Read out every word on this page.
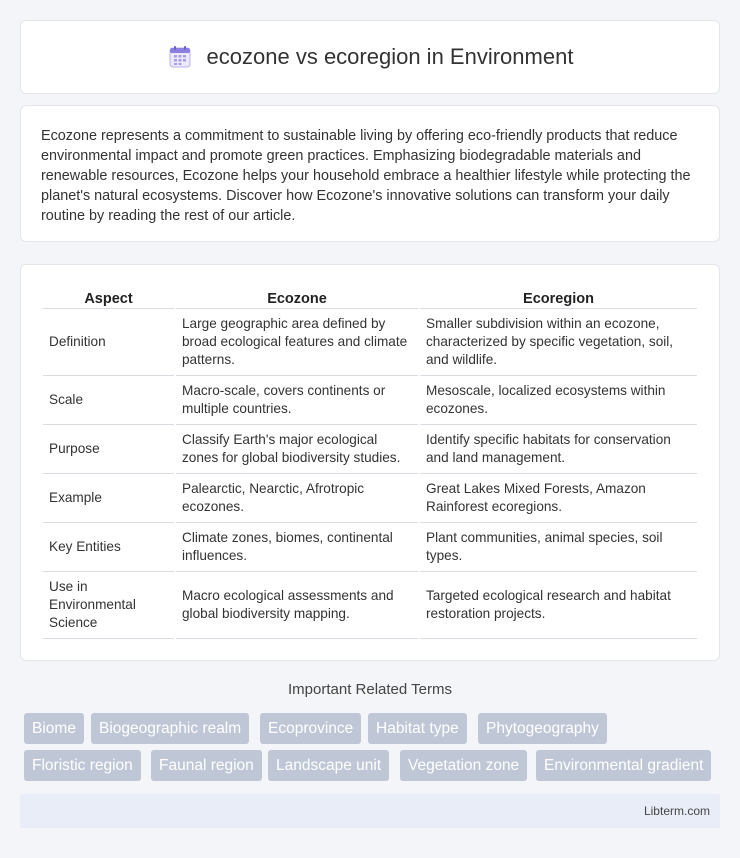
ecozone vs ecoregion in Environment

Ecozone represents a commitment to sustainable living by offering eco-friendly products that reduce environmental impact and promote green practices. Emphasizing biodegradable materials and renewable resources, Ecozone helps your household embrace a healthier lifestyle while protecting the planet's natural ecosystems. Discover how Ecozone's innovative solutions can transform your daily routine by reading the rest of our article.

Aspect	Ecozone	Ecoregion
Definition	Large geographic area defined by broad ecological features and climate patterns.	Smaller subdivision within an ecozone, characterized by specific vegetation, soil, and wildlife.
Scale	Macro-scale, covers continents or multiple countries.	Mesoscale, localized ecosystems within ecozones.
Purpose	Classify Earth's major ecological zones for global biodiversity studies.	Identify specific habitats for conservation and land management.
Example	Palearctic, Nearctic, Afrotropic ecozones.	Great Lakes Mixed Forests, Amazon Rainforest ecoregions.
Key Entities	Climate zones, biomes, continental influences.	Plant communities, animal species, soil types.
Use in Environmental Science	Macro ecological assessments and global biodiversity mapping.	Targeted ecological research and habitat restoration projects.
Important Related Terms
Biome	Biogeographic realm	Ecoprovince	Habitat type	Phytogeography
Floristic region	Faunal region	Landscape unit	Vegetation zone	Environmental gradient
Libterm.com
